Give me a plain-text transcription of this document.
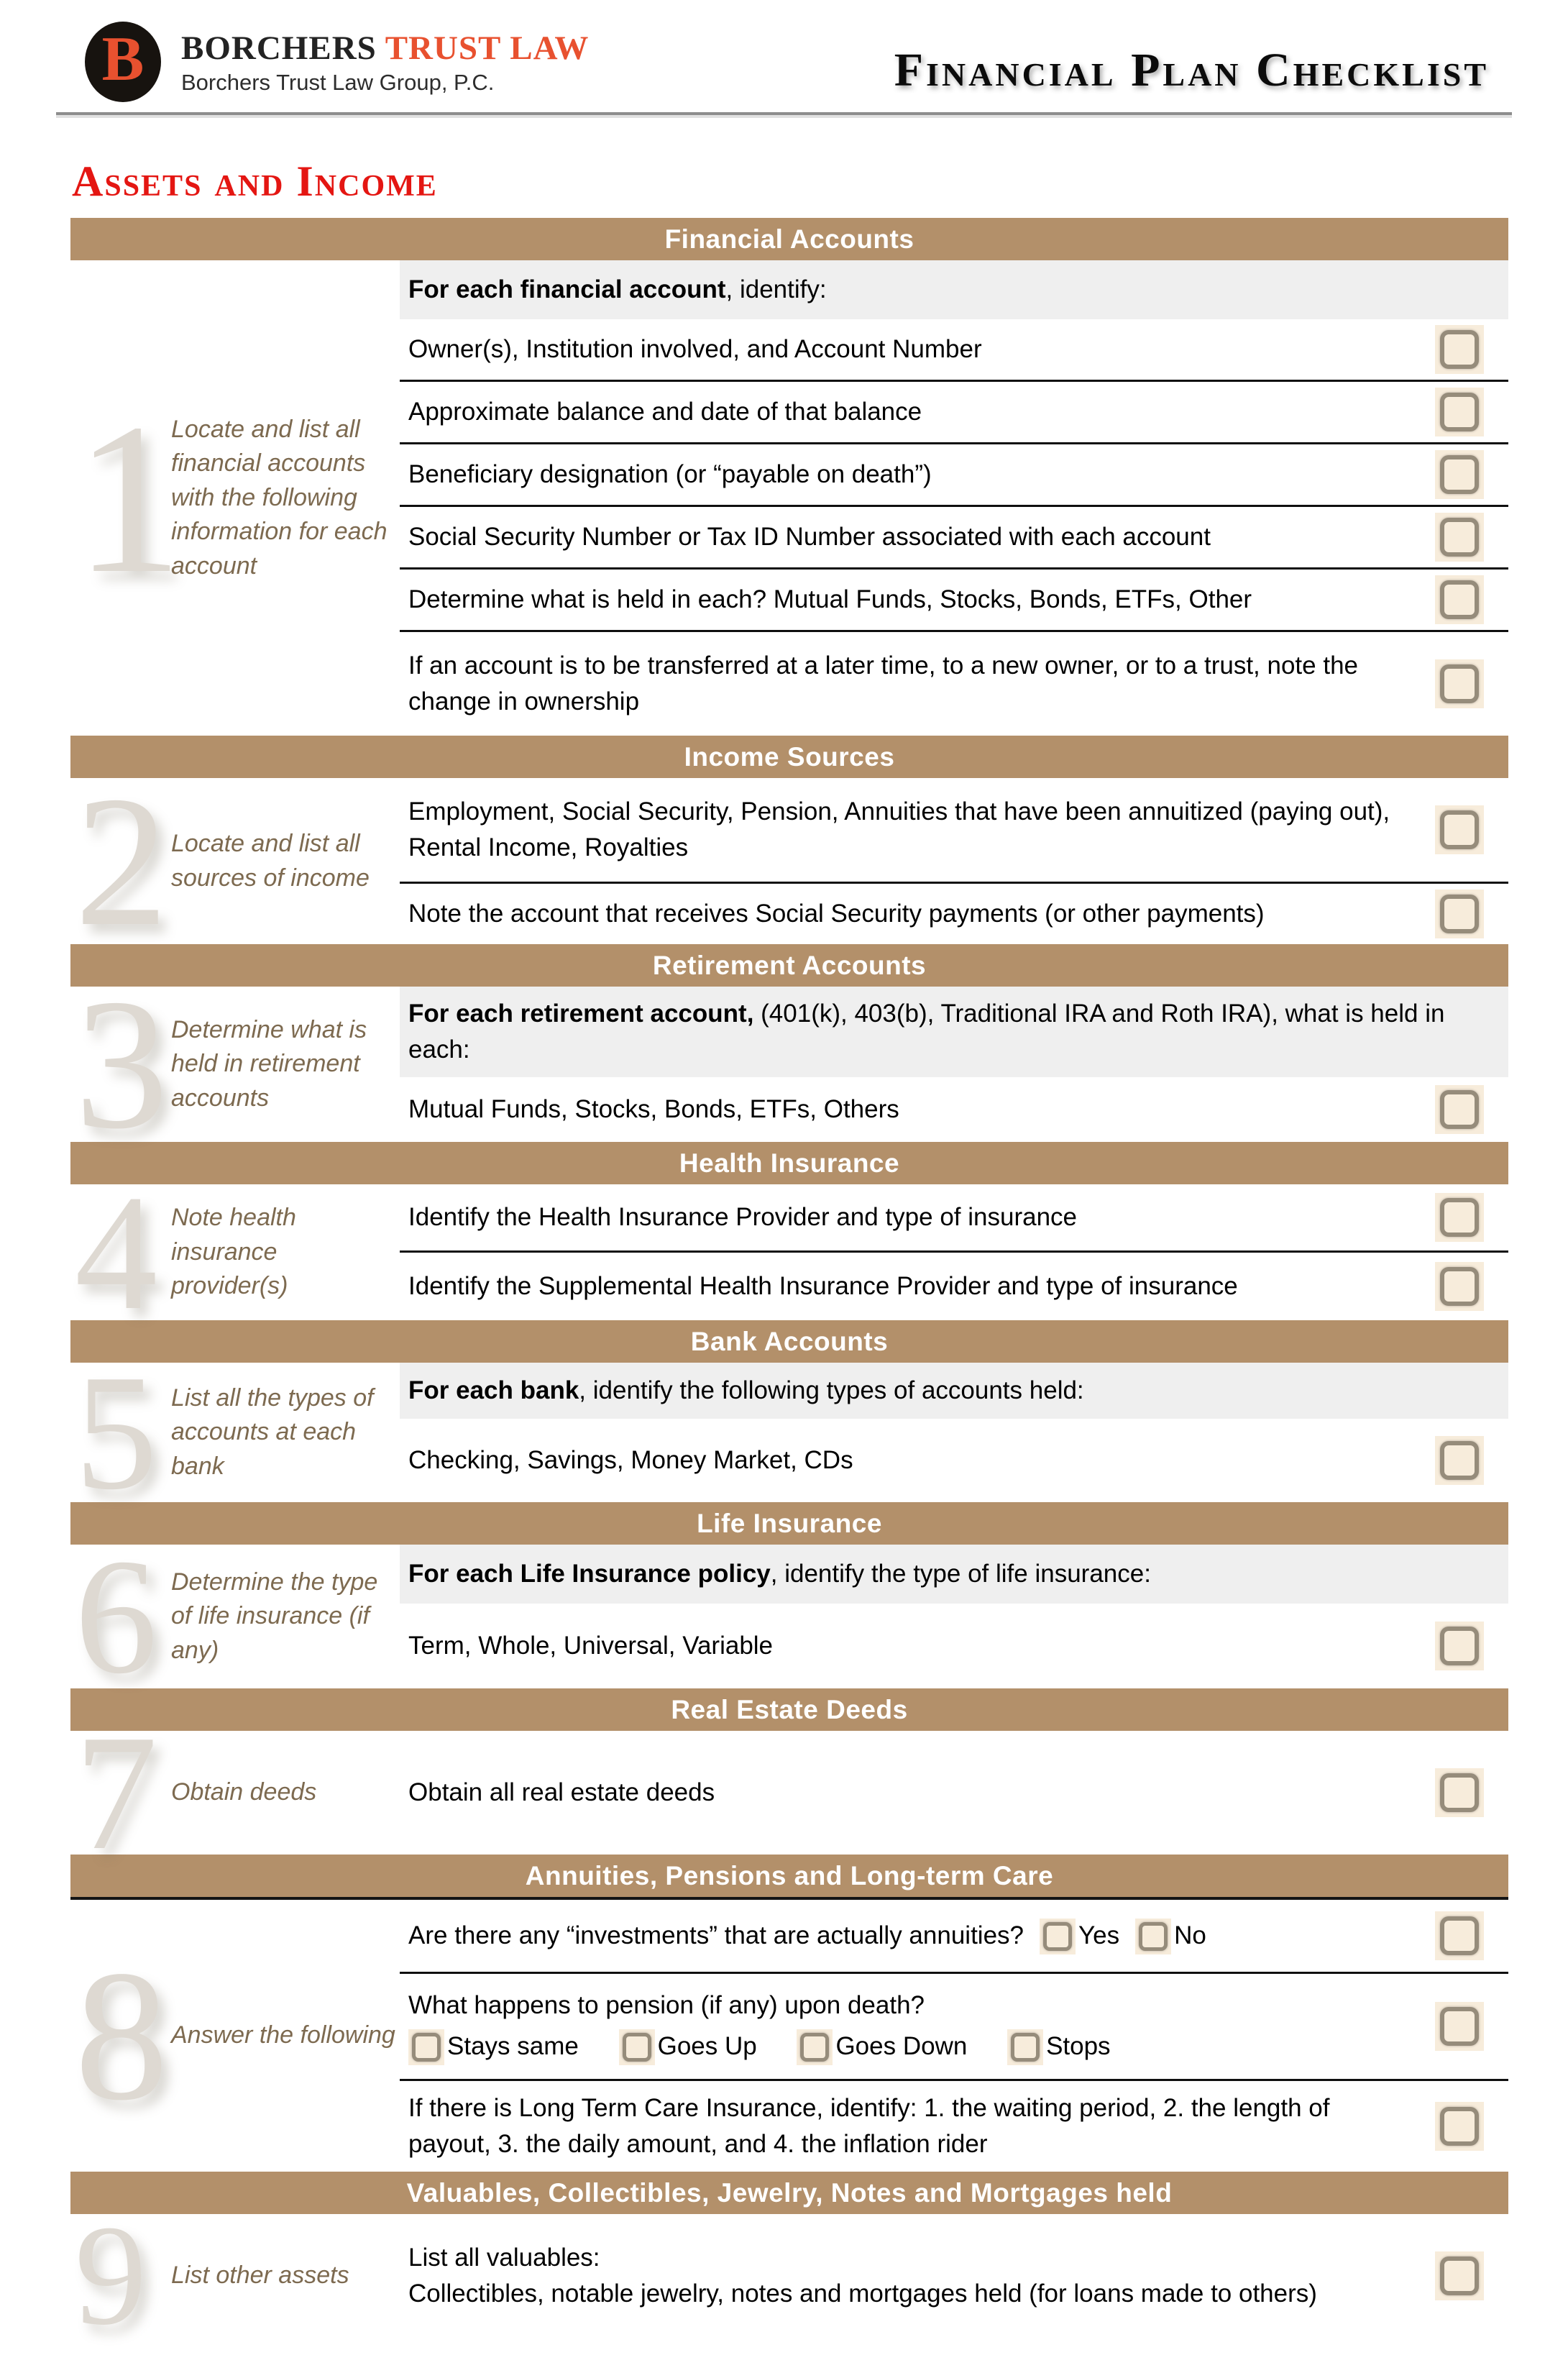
B BORCHERS TRUST LAW
Borchers Trust Law Group, P.C.	Financial Plan Checklist
Assets and Income
Financial Accounts
1
Locate and list all financial accounts with the following information for each account
For each financial account, identify:
Owner(s), Institution involved, and Account Number
Approximate balance and date of that balance
Beneficiary designation (or “payable on death”)
Social Security Number or Tax ID Number associated with each account
Determine what is held in each? Mutual Funds, Stocks, Bonds, ETFs, Other
If an account is to be transferred at a later time, to a new owner, or to a trust, note the change in ownership
Income Sources
2 Locate and list all sources of income
Employment, Social Security, Pension, Annuities that have been annuitized (paying out), Rental Income, Royalties
Note the account that receives Social Security payments (or other payments)
Retirement Accounts
3 Determine what is held in retirement accounts
For each retirement account, (401(k), 403(b), Traditional IRA and Roth IRA), what is held in each:
Mutual Funds, Stocks, Bonds, ETFs, Others
Health Insurance
4 Note health insurance provider(s)
Identify the Health Insurance Provider and type of insurance
Identify the Supplemental Health Insurance Provider and type of insurance
Bank Accounts
5 List all the types of accounts at each bank
For each bank, identify the following types of accounts held:
Checking, Savings, Money Market, CDs
Life Insurance
6 Determine the type of life insurance (if any)
For each Life Insurance policy, identify the type of life insurance:
Term, Whole, Universal, Variable
Real Estate Deeds
7 Obtain deeds	Obtain all real estate deeds
Annuities, Pensions and Long-term Care
8 Answer the following
Are there any “investments” that are actually annuities? Yes No
What happens to pension (if any) upon death?
Stays same	Goes Up	Goes Down	Stops
If there is Long Term Care Insurance, identify: 1. the waiting period, 2. the length of payout, 3. the daily amount, and 4. the inflation rider
Valuables, Collectibles, Jewelry, Notes and Mortgages held
9 List other assets
List all valuables:
Collectibles, notable jewelry, notes and mortgages held (for loans made to others)
